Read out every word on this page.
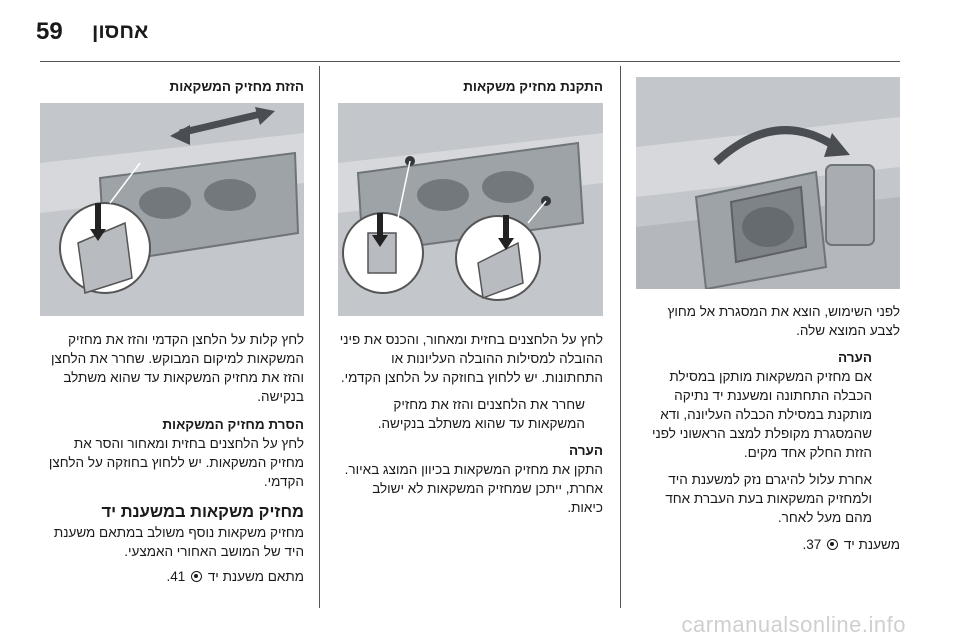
59 אחסון

לפני השימוש, הוצא את המסגרת אל מחוץ לצבע המוצא שלה.

הערה

אם מחזיק המשקאות מותקן במסילת הכבלה התחתונה ומשענת יד נתיקה מותקנת במסילת הכבלה העליונה, ודא שהמסגרת מקופלת למצב הראשוני לפני הזזת החלק אחד מקים.

אחרת עלול להיגרם נזק למשענת היד ולמחזיק המשקאות בעת העברת אחד מהם מעל לאחר.

משענת יד  37.

התקנת מחזיק משקאות

לחץ על הלחצנים בחזית ומאחור, והכנס את פיני ההובלה למסילות ההובלה העליונות או התחתונות. יש ללחוץ בחוזקה על הלחצן הקדמי.

שחרר את הלחצנים והזז את מחזיק המשקאות עד שהוא משתלב בנקישה.

הערה

התקן את מחזיק המשקאות בכיוון המוצג באיור. אחרת, ייתכן שמחזיק המשקאות לא ישולב כיאות.

הזזת מחזיק המשקאות

לחץ קלות על הלחצן הקדמי והזז את מחזיק המשקאות למיקום המבוקש. שחרר את הלחצן והזז את מחזיק המשקאות עד שהוא משתלב בנקישה.

הסרת מחזיק המשקאות

לחץ על הלחצנים בחזית ומאחור והסר את מחזיק המשקאות. יש ללחוץ בחוזקה על הלחצן הקדמי.

מחזיק משקאות במשענת יד

מחזיק משקאות נוסף משולב במתאם משענת היד של המושב האחורי האמצעי.

מתאם משענת יד  41.

carmanualsonline.info
